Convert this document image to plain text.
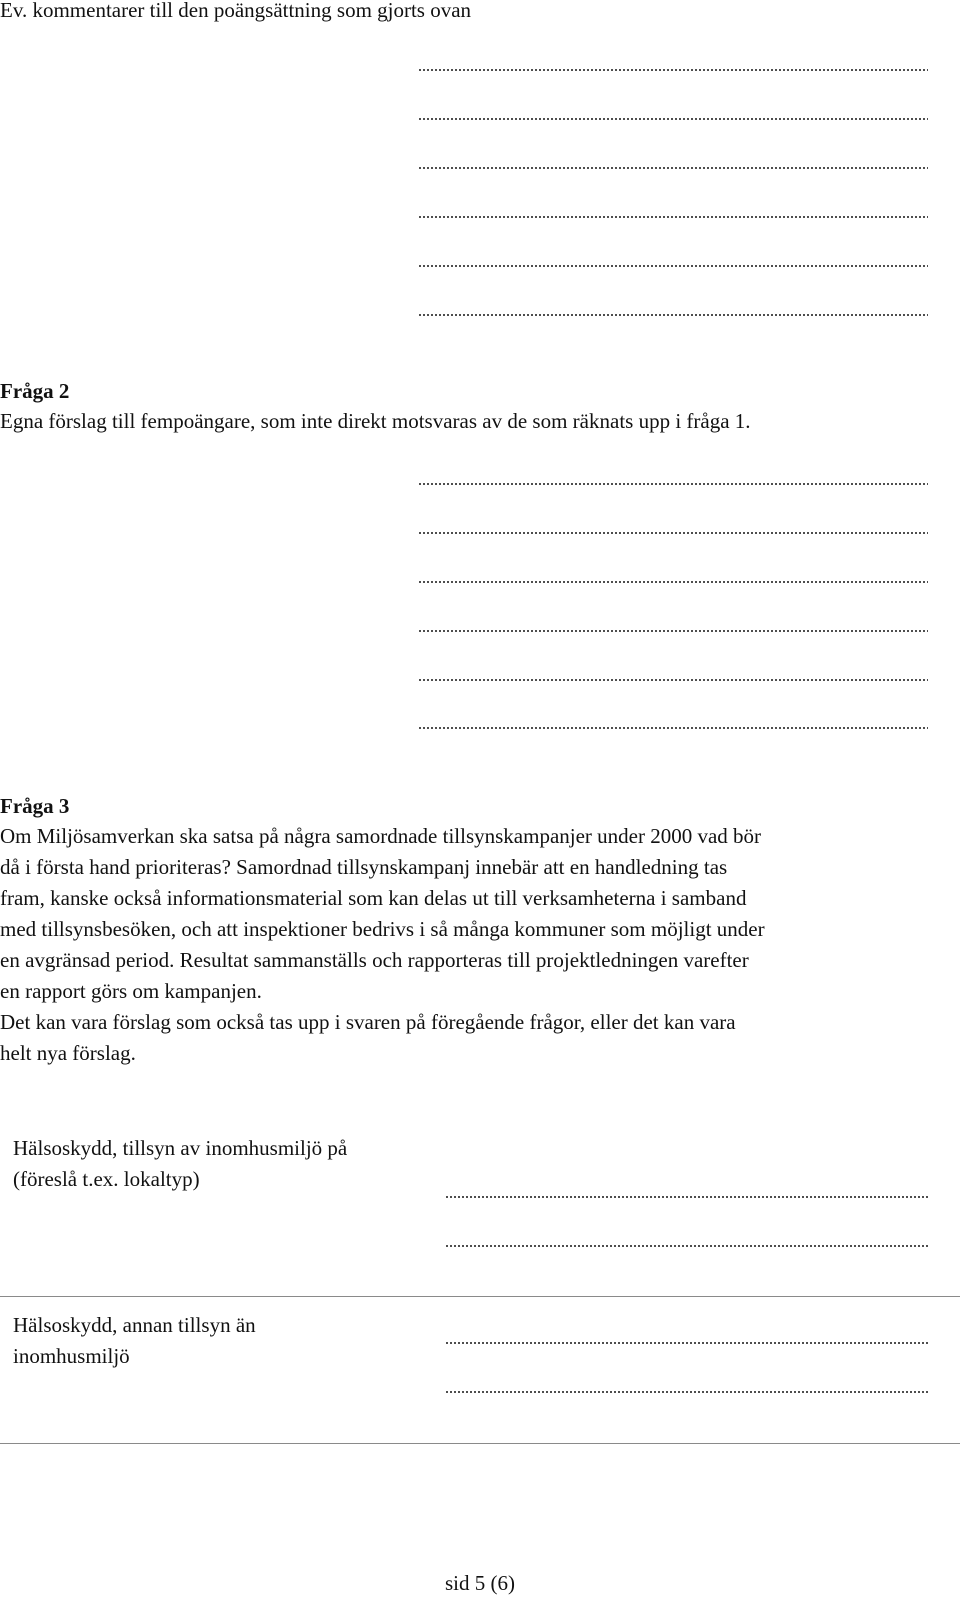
Ev. kommentarer till den poängsättning som gjorts ovan
Fråga 2
Egna förslag till fempoängare, som inte direkt motsvaras av de som räknats upp i fråga 1.
Fråga 3
Om Miljösamverkan ska satsa på några samordnade tillsynskampanjer under 2000 vad bör
då i första hand prioriteras? Samordnad tillsynskampanj innebär att en handledning tas
fram, kanske också informationsmaterial som kan delas ut till verksamheterna i samband
med tillsynsbesöken, och att inspektioner bedrivs i så många kommuner som möjligt under
en avgränsad period. Resultat sammanställs och rapporteras till projektledningen varefter
en rapport görs om kampanjen.
Det kan vara förslag som också tas upp i svaren på föregående frågor, eller det kan vara
helt nya förslag.
Hälsoskydd, tillsyn av inomhusmiljö på
(föreslå t.ex. lokaltyp)
Hälsoskydd, annan tillsyn än
inomhusmiljö
sid 5 (6)
